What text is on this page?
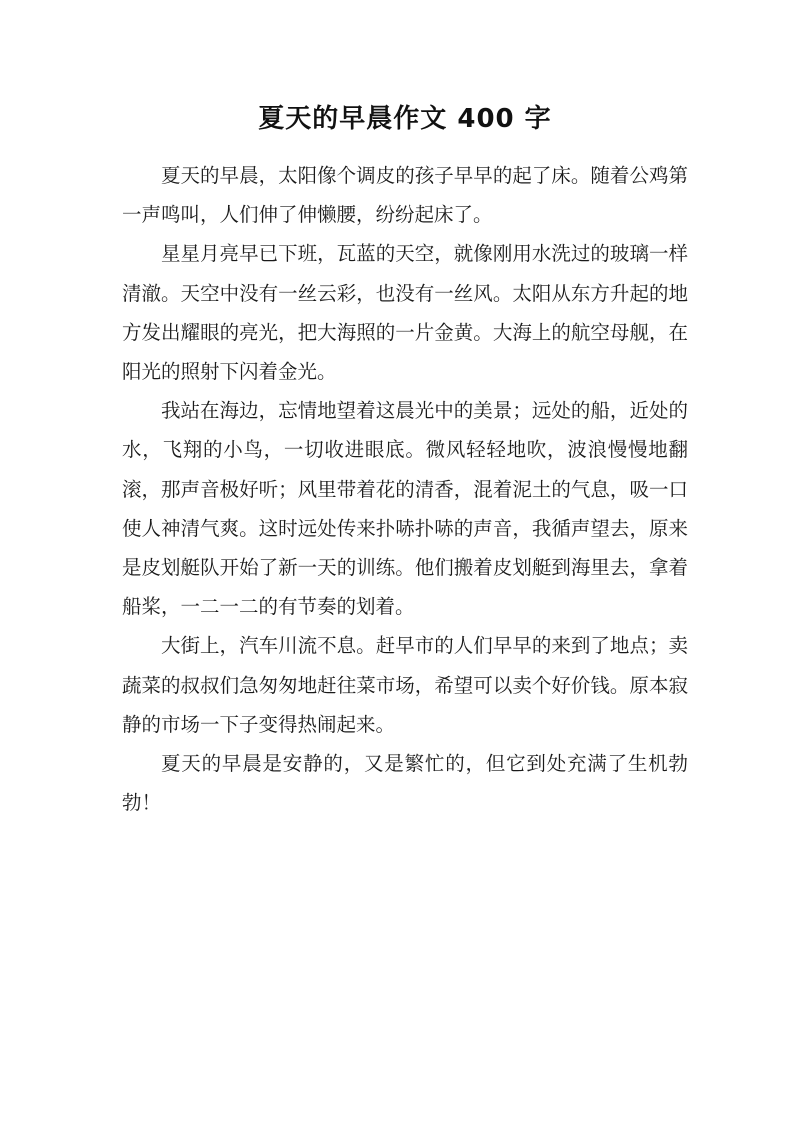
夏天的早晨作文 400 字

夏天的早晨，太阳像个调皮的孩子早早的起了床。随着公鸡第一声鸣叫，人们伸了伸懒腰，纷纷起床了。

星星月亮早已下班，瓦蓝的天空，就像刚用水洗过的玻璃一样清澈。天空中没有一丝云彩，也没有一丝风。太阳从东方升起的地方发出耀眼的亮光，把大海照的一片金黄。大海上的航空母舰，在阳光的照射下闪着金光。

我站在海边，忘情地望着这晨光中的美景；远处的船，近处的水，飞翔的小鸟，一切收进眼底。微风轻轻地吹，波浪慢慢地翻滚，那声音极好听；风里带着花的清香，混着泥土的气息，吸一口使人神清气爽。这时远处传来扑哧扑哧的声音，我循声望去，原来是皮划艇队开始了新一天的训练。他们搬着皮划艇到海里去，拿着船桨，一二一二的有节奏的划着。

大街上，汽车川流不息。赶早市的人们早早的来到了地点；卖蔬菜的叔叔们急匆匆地赶往菜市场，希望可以卖个好价钱。原本寂静的市场一下子变得热闹起来。

夏天的早晨是安静的，又是繁忙的，但它到处充满了生机勃勃！
